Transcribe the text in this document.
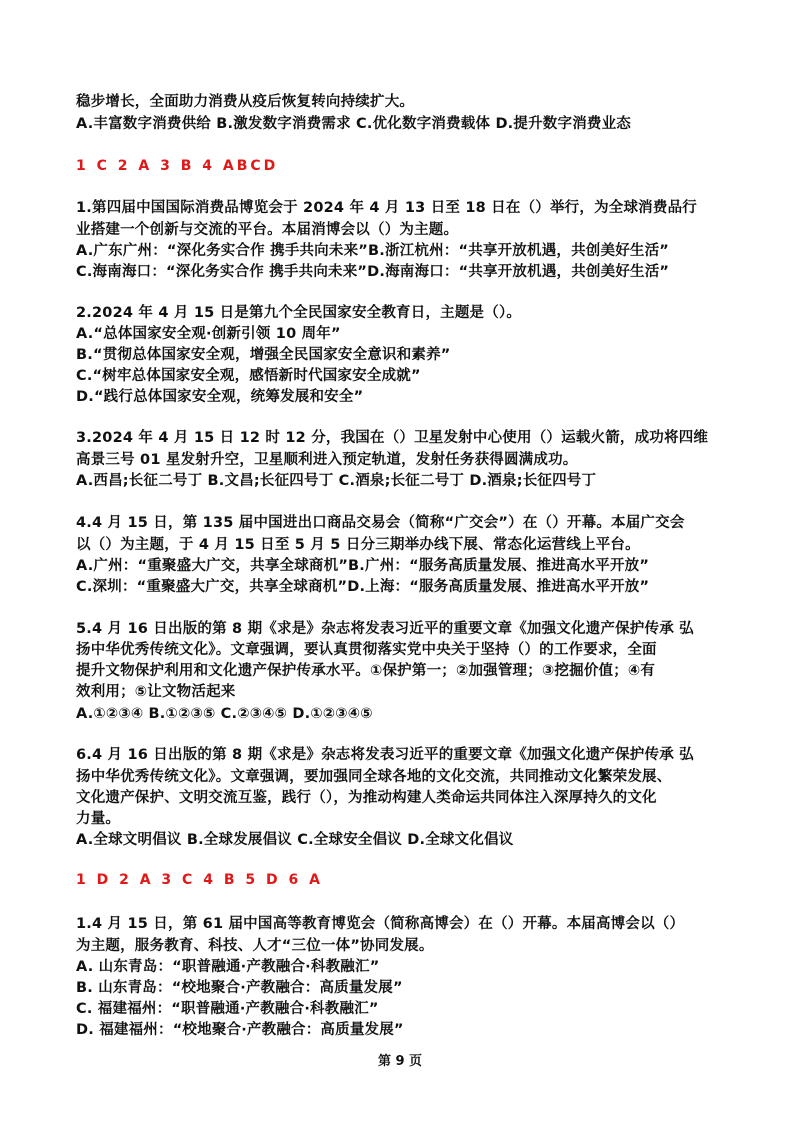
稳步增长，全面助力消费从疫后恢复转向持续扩大。
A.丰富数字消费供给 B.激发数字消费需求 C.优化数字消费载体 D.提升数字消费业态
1 C 2 A 3 B 4 ABCD
1.第四届中国国际消费品博览会于 2024 年 4 月 13 日至 18 日在（）举行，为全球消费品行
业搭建一个创新与交流的平台。本届消博会以（）为主题。
A.广东广州：“深化务实合作 携手共向未来”B.浙江杭州：“共享开放机遇，共创美好生活”
C.海南海口：“深化务实合作 携手共向未来”D.海南海口：“共享开放机遇，共创美好生活”
2.2024 年 4 月 15 日是第九个全民国家安全教育日，主题是（）。
A.“总体国家安全观·创新引领 10 周年”
B.“贯彻总体国家安全观，增强全民国家安全意识和素养”
C.“树牢总体国家安全观，感悟新时代国家安全成就”
D.“践行总体国家安全观，统筹发展和安全”
3.2024 年 4 月 15 日 12 时 12 分，我国在（）卫星发射中心使用（）运载火箭，成功将四维
高景三号 01 星发射升空，卫星顺利进入预定轨道，发射任务获得圆满成功。
A.西昌;长征二号丁 B.文昌;长征四号丁 C.酒泉;长征二号丁 D.酒泉;长征四号丁
4.4 月 15 日，第 135 届中国进出口商品交易会（简称“广交会”）在（）开幕。本届广交会
以（）为主题，于 4 月 15 日至 5 月 5 日分三期举办线下展、常态化运营线上平台。
A.广州：“重聚盛大广交，共享全球商机”B.广州：“服务高质量发展、推进高水平开放”
C.深圳：“重聚盛大广交，共享全球商机”D.上海：“服务高质量发展、推进高水平开放”
5.4 月 16 日出版的第 8 期《求是》杂志将发表习近平的重要文章《加强文化遗产保护传承 弘
扬中华优秀传统文化》。文章强调，要认真贯彻落实党中央关于坚持（）的工作要求，全面
提升文物保护利用和文化遗产保护传承水平。①保护第一；②加强管理；③挖掘价值；④有
效利用；⑤让文物活起来
A.①②③④ B.①②③⑤ C.②③④⑤ D.①②③④⑤
6.4 月 16 日出版的第 8 期《求是》杂志将发表习近平的重要文章《加强文化遗产保护传承 弘
扬中华优秀传统文化》。文章强调，要加强同全球各地的文化交流，共同推动文化繁荣发展、
文化遗产保护、文明交流互鉴，践行（），为推动构建人类命运共同体注入深厚持久的文化
力量。
A.全球文明倡议 B.全球发展倡议 C.全球安全倡议 D.全球文化倡议
1 D 2 A 3 C 4 B 5 D 6 A
1.4 月 15 日，第 61 届中国高等教育博览会（简称高博会）在（）开幕。本届高博会以（）
为主题，服务教育、科技、人才“三位一体”协同发展。
A. 山东青岛：“职普融通·产教融合·科教融汇”
B. 山东青岛：“校地聚合·产教融合：高质量发展”
C. 福建福州：“职普融通·产教融合·科教融汇”
D. 福建福州：“校地聚合·产教融合：高质量发展”
第 9 页
